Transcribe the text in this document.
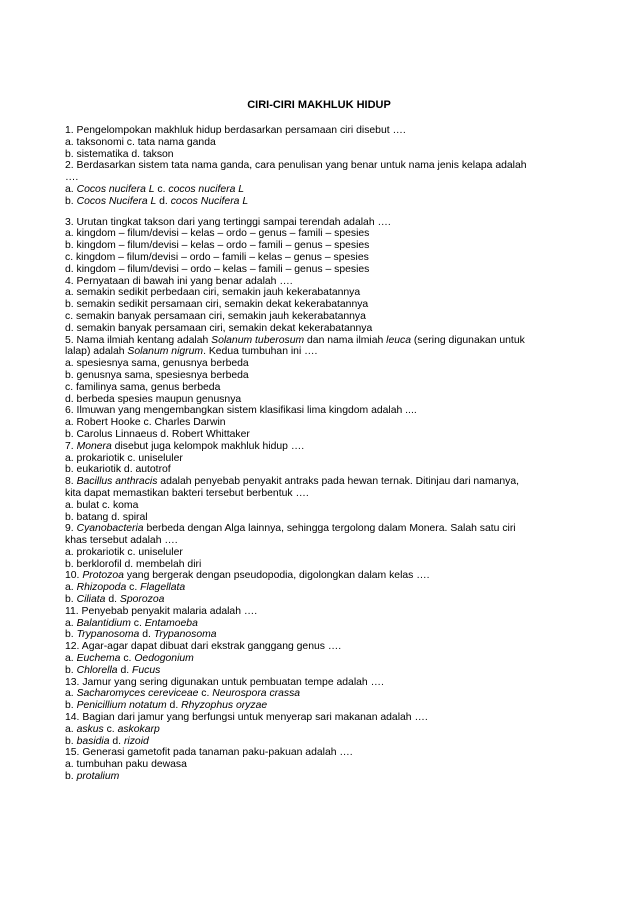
CIRI-CIRI MAKHLUK HIDUP
1. Pengelompokan makhluk hidup berdasarkan persamaan ciri disebut ….
a. taksonomi c. tata nama ganda
b. sistematika d. takson
2. Berdasarkan sistem tata nama ganda, cara penulisan yang benar untuk nama jenis kelapa adalah
….
a. Cocos nucifera L c. cocos nucifera L
b. Cocos Nucifera L d. cocos Nucifera L
3. Urutan tingkat takson dari yang tertinggi sampai terendah adalah ….
a. kingdom – filum/devisi – kelas – ordo – genus – famili – spesies
b. kingdom – filum/devisi – kelas – ordo – famili – genus – spesies
c. kingdom – filum/devisi – ordo – famili – kelas – genus – spesies
d. kingdom – filum/devisi – ordo – kelas – famili – genus – spesies
4. Pernyataan di bawah ini yang benar adalah ….
a. semakin sedikit perbedaan ciri, semakin jauh kekerabatannya
b. semakin sedikit persamaan ciri, semakin dekat kekerabatannya
c. semakin banyak persamaan ciri, semakin jauh kekerabatannya
d. semakin banyak persamaan ciri, semakin dekat kekerabatannya
5. Nama ilmiah kentang adalah Solanum tuberosum dan nama ilmiah leuca (sering digunakan untuk
lalap) adalah Solanum nigrum. Kedua tumbuhan ini ….
a. spesiesnya sama, genusnya berbeda
b. genusnya sama, spesiesnya berbeda
c. familinya sama, genus berbeda
d. berbeda spesies maupun genusnya
6. Ilmuwan yang mengembangkan sistem klasifikasi lima kingdom adalah ....
a. Robert Hooke c. Charles Darwin
b. Carolus Linnaeus d. Robert Whittaker
7. Monera disebut juga kelompok makhluk hidup ….
a. prokariotik c. uniseluler
b. eukariotik d. autotrof
8. Bacillus anthracis adalah penyebab penyakit antraks pada hewan ternak. Ditinjau dari namanya,
kita dapat memastikan bakteri tersebut berbentuk ….
a. bulat c. koma
b. batang d. spiral
9. Cyanobacteria berbeda dengan Alga lainnya, sehingga tergolong dalam Monera. Salah satu ciri
khas tersebut adalah ….
a. prokariotik c. uniseluler
b. berklorofil d. membelah diri
10. Protozoa yang bergerak dengan pseudopodia, digolongkan dalam kelas ….
a. Rhizopoda c. Flagellata
b. Ciliata d. Sporozoa
11. Penyebab penyakit malaria adalah ….
a. Balantidium c. Entamoeba
b. Trypanosoma d. Trypanosoma
12. Agar-agar dapat dibuat dari ekstrak ganggang genus ….
a. Euchema c. Oedogonium
b. Chlorella d. Fucus
13. Jamur yang sering digunakan untuk pembuatan tempe adalah ….
a. Sacharomyces cereviceae c. Neurospora crassa
b. Penicillium notatum d. Rhyzophus oryzae
14. Bagian dari jamur yang berfungsi untuk menyerap sari makanan adalah ….
a. askus c. askokarp
b. basidia d. rizoid
15. Generasi gametofit pada tanaman paku-pakuan adalah ….
a. tumbuhan paku dewasa
b. protalium
